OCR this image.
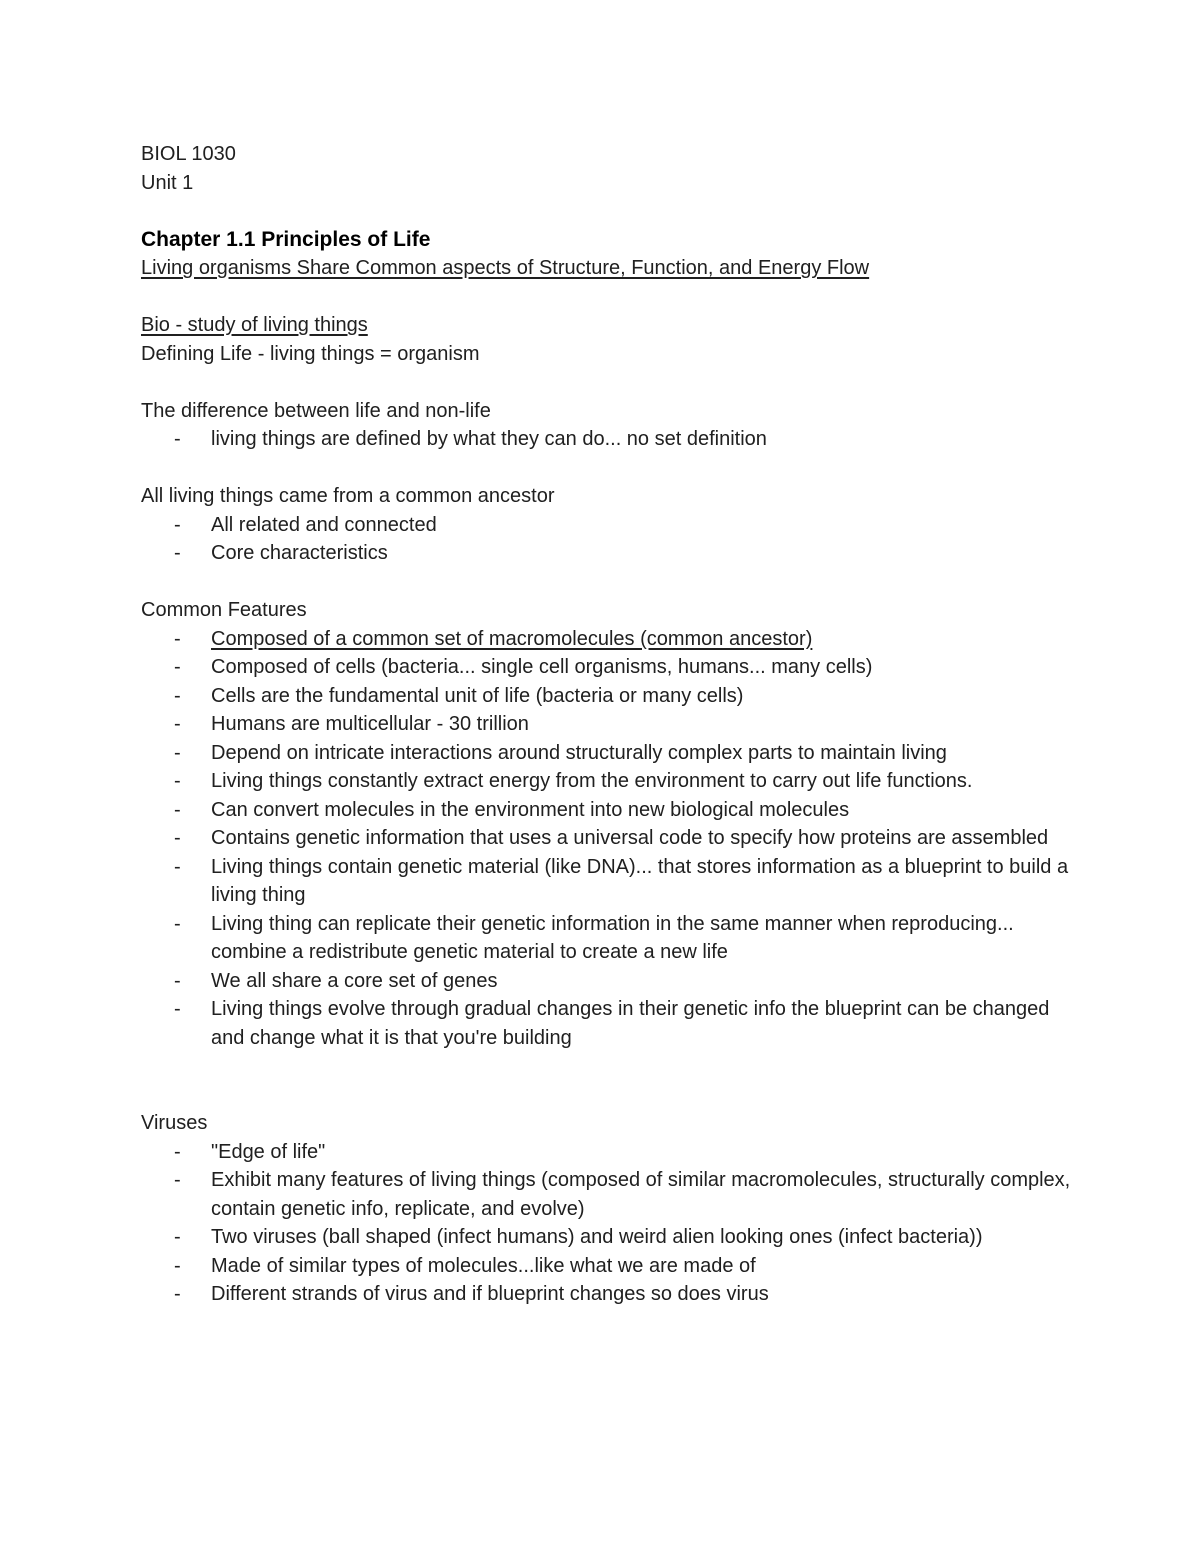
BIOL 1030

Unit 1

Chapter 1.1 Principles of Life

Living organisms Share Common aspects of Structure, Function, and Energy Flow

Bio - study of living things

Defining Life - living things = organism

The difference between life and non-life

- living things are defined by what they can do... no set definition

All living things came from a common ancestor

- All related and connected
- Core characteristics

Common Features

- Composed of a common set of macromolecules (common ancestor)
- Composed of cells (bacteria... single cell organisms, humans... many cells)
- Cells are the fundamental unit of life (bacteria or many cells)
- Humans are multicellular - 30 trillion
- Depend on intricate interactions around structurally complex parts to maintain living
- Living things constantly extract energy from the environment to carry out life functions.
- Can convert molecules in the environment into new biological molecules
- Contains genetic information that uses a universal code to specify how proteins are assembled
- Living things contain genetic material (like DNA)... that stores information as a blueprint to build a living thing
- Living thing can replicate their genetic information in the same manner when reproducing... combine a redistribute genetic material to create a new life
- We all share a core set of genes
- Living things evolve through gradual changes in their genetic info the blueprint can be changed and change what it is that you're building

Viruses

- "Edge of life"
- Exhibit many features of living things (composed of similar macromolecules, structurally complex, contain genetic info, replicate, and evolve)
- Two viruses (ball shaped (infect humans) and weird alien looking ones (infect bacteria))
- Made of similar types of molecules...like what we are made of
- Different strands of virus and if blueprint changes so does virus
